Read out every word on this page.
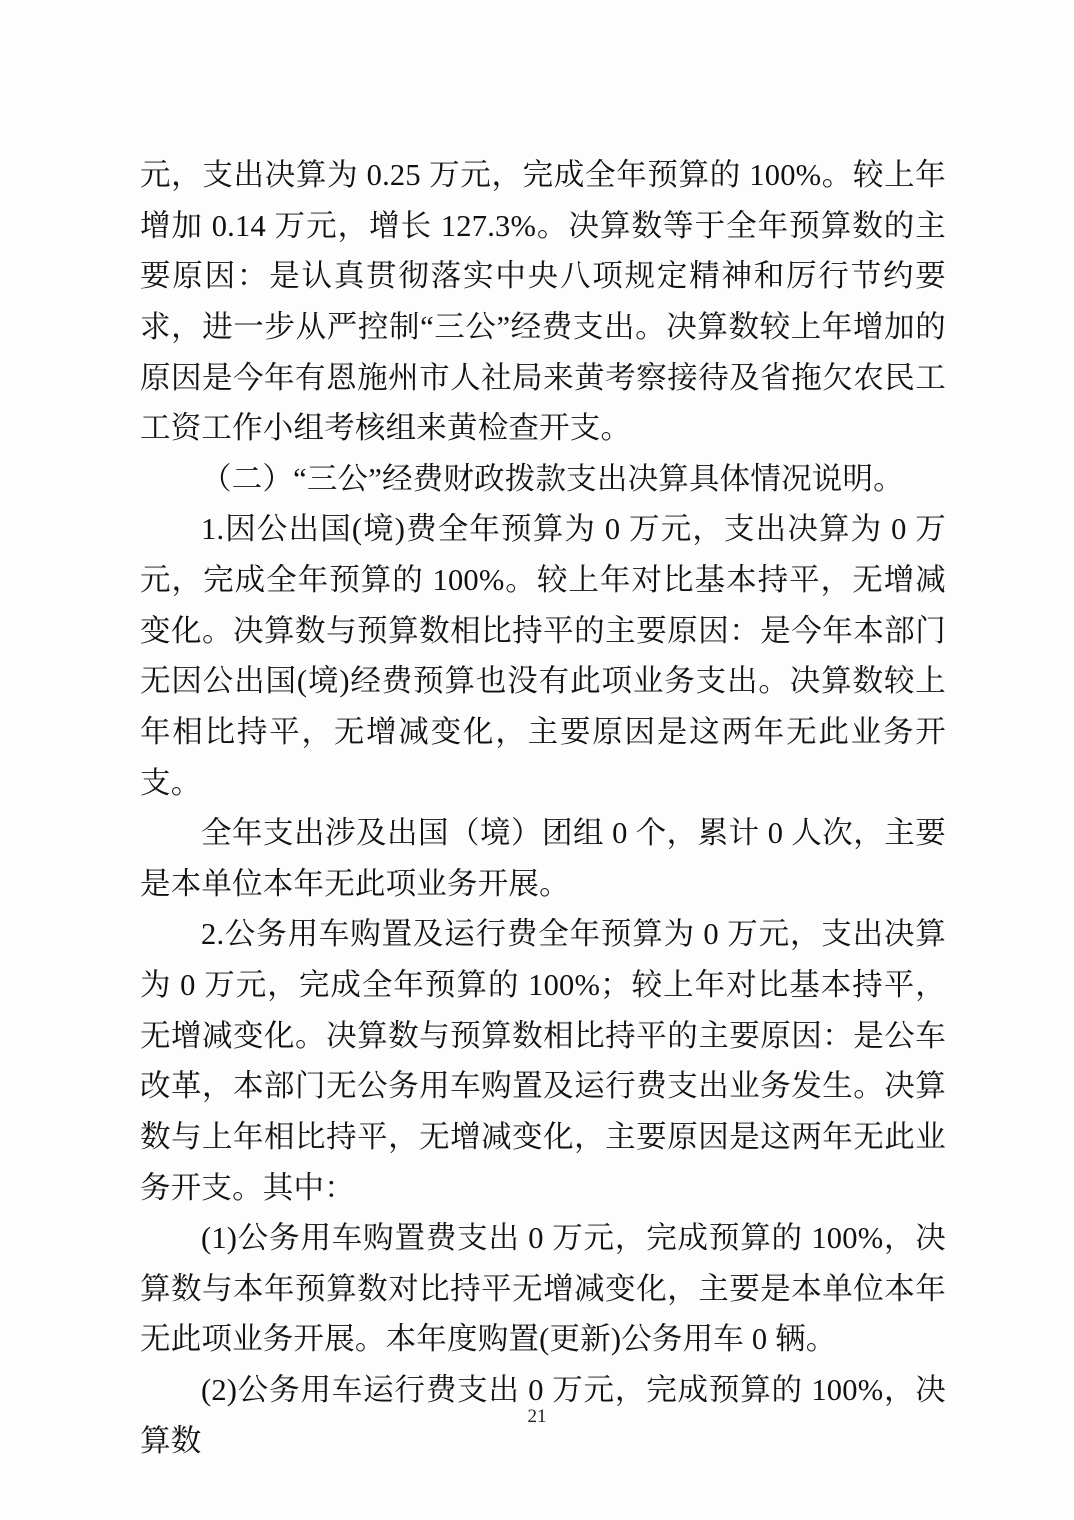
元，支出决算为 0.25 万元，完成全年预算的 100%。较上年增加 0.14 万元，增长 127.3%。决算数等于全年预算数的主要原因：是认真贯彻落实中央八项规定精神和厉行节约要求，进一步从严控制“三公”经费支出。决算数较上年增加的原因是今年有恩施州市人社局来黄考察接待及省拖欠农民工工资工作小组考核组来黄检查开支。

（二）“三公”经费财政拨款支出决算具体情况说明。

1.因公出国(境)费全年预算为 0 万元，支出决算为 0 万元，完成全年预算的 100%。较上年对比基本持平，无增减变化。决算数与预算数相比持平的主要原因：是今年本部门无因公出国(境)经费预算也没有此项业务支出。决算数较上年相比持平，无增减变化，主要原因是这两年无此业务开支。

全年支出涉及出国（境）团组 0 个，累计 0 人次，主要是本单位本年无此项业务开展。

2.公务用车购置及运行费全年预算为 0 万元，支出决算为 0 万元，完成全年预算的 100%；较上年对比基本持平，无增减变化。决算数与预算数相比持平的主要原因：是公车改革，本部门无公务用车购置及运行费支出业务发生。决算数与上年相比持平，无增减变化，主要原因是这两年无此业务开支。其中：

(1)公务用车购置费支出 0 万元，完成预算的 100%，决算数与本年预算数对比持平无增减变化，主要是本单位本年无此项业务开展。本年度购置(更新)公务用车 0 辆。

(2)公务用车运行费支出 0 万元，完成预算的 100%，决算数

21
